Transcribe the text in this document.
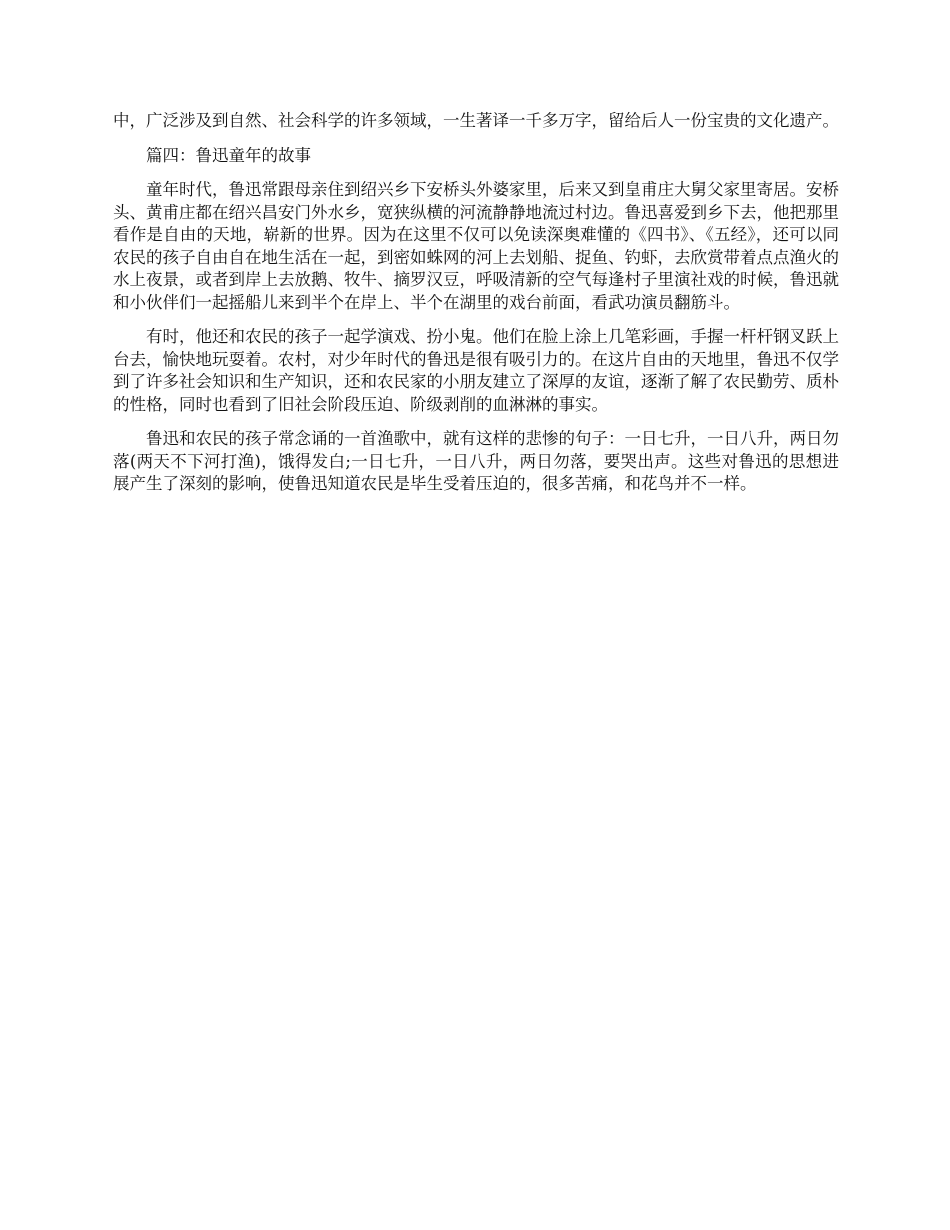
中，广泛涉及到自然、社会科学的许多领域，一生著译一千多万字，留给后人一份宝贵的文化遗产。

篇四：鲁迅童年的故事

童年时代，鲁迅常跟母亲住到绍兴乡下安桥头外婆家里，后来又到皇甫庄大舅父家里寄居。安桥头、黄甫庄都在绍兴昌安门外水乡，宽狭纵横的河流静静地流过村边。鲁迅喜爱到乡下去，他把那里看作是自由的天地，崭新的世界。因为在这里不仅可以免读深奥难懂的《四书》、《五经》，还可以同农民的孩子自由自在地生活在一起，到密如蛛网的河上去划船、捉鱼、钓虾，去欣赏带着点点渔火的水上夜景，或者到岸上去放鹅、牧牛、摘罗汉豆，呼吸清新的空气每逢村子里演社戏的时候，鲁迅就和小伙伴们一起摇船儿来到半个在岸上、半个在湖里的戏台前面，看武功演员翻筋斗。

有时，他还和农民的孩子一起学演戏、扮小鬼。他们在脸上涂上几笔彩画，手握一杆杆钢叉跃上台去，愉快地玩耍着。农村，对少年时代的鲁迅是很有吸引力的。在这片自由的天地里，鲁迅不仅学到了许多社会知识和生产知识，还和农民家的小朋友建立了深厚的友谊，逐渐了解了农民勤劳、质朴的性格，同时也看到了旧社会阶段压迫、阶级剥削的血淋淋的事实。

鲁迅和农民的孩子常念诵的一首渔歌中，就有这样的悲惨的句子：一日七升，一日八升，两日勿落(两天不下河打渔)，饿得发白;一日七升，一日八升，两日勿落，要哭出声。这些对鲁迅的思想进展产生了深刻的影响，使鲁迅知道农民是毕生受着压迫的，很多苦痛，和花鸟并不一样。
